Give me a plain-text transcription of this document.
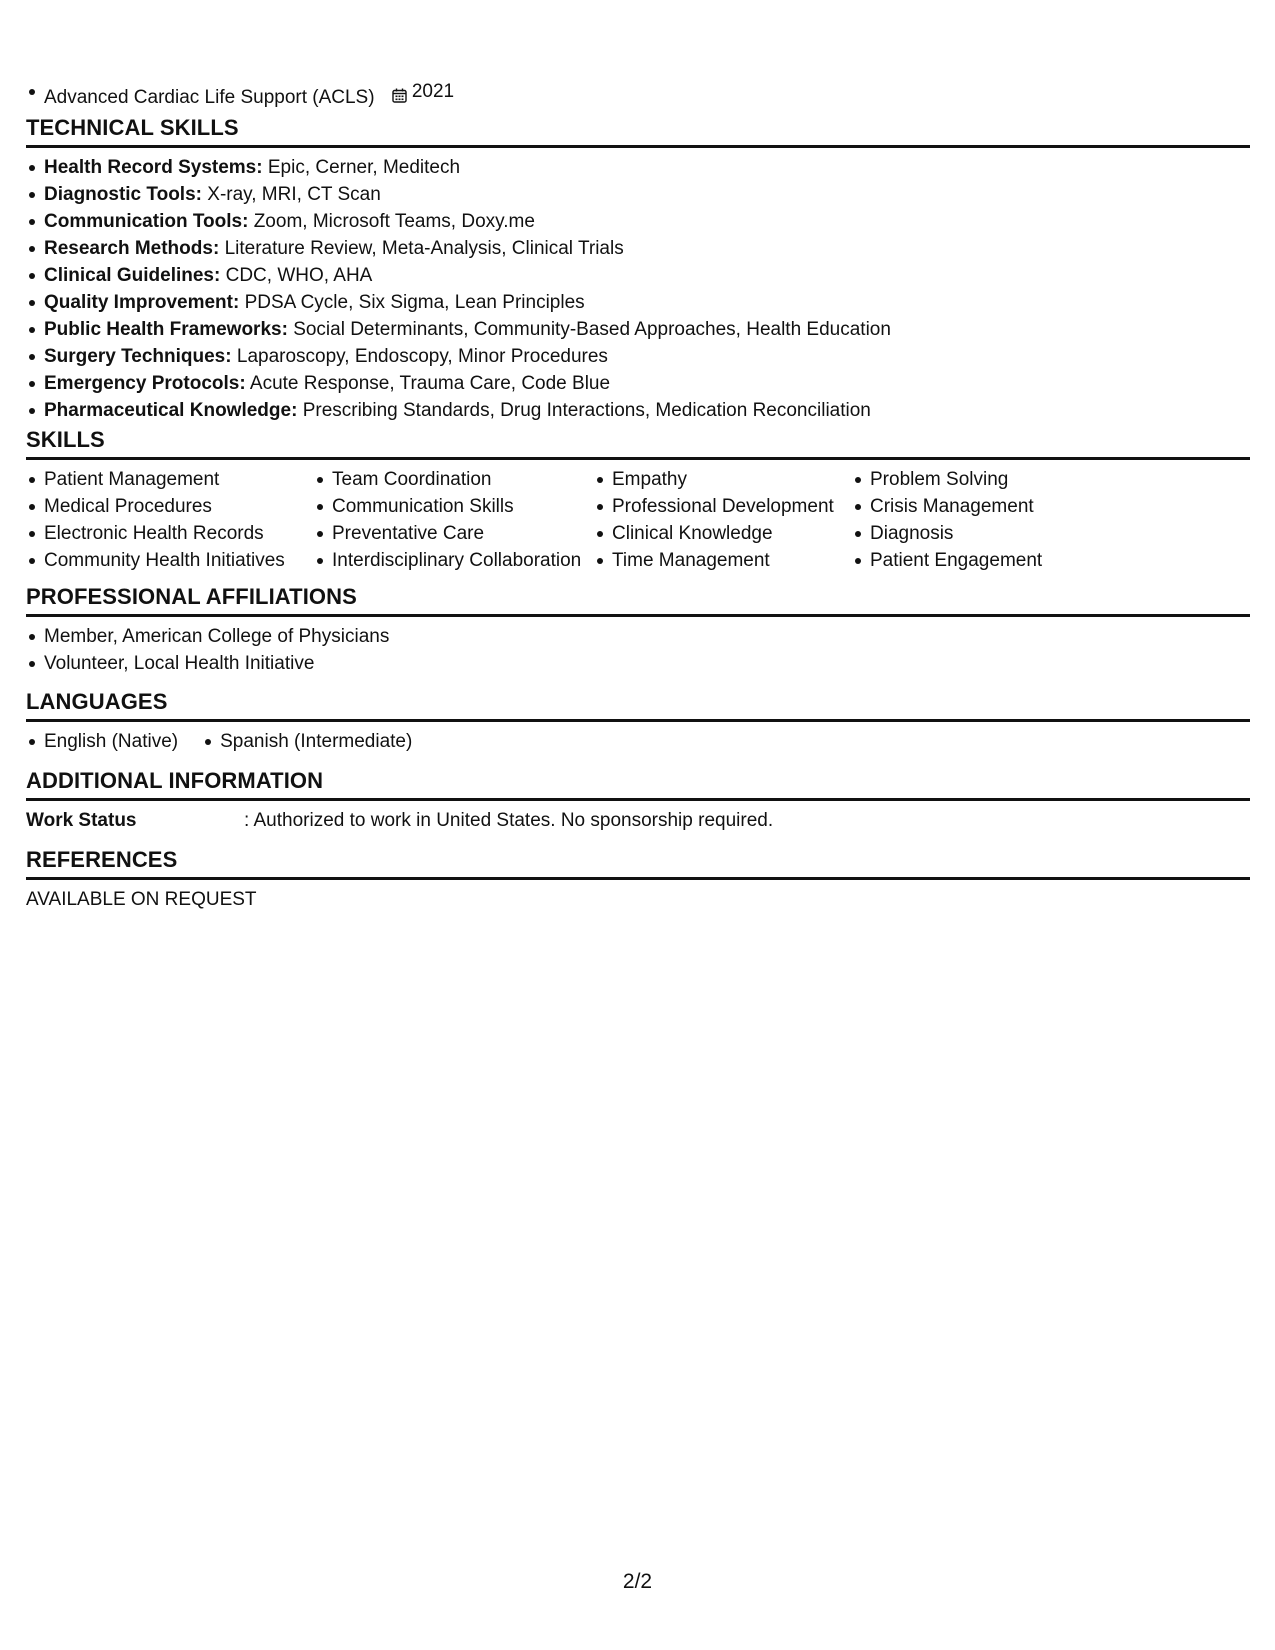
Advanced Cardiac Life Support (ACLS) 2021
TECHNICAL SKILLS
Health Record Systems: Epic, Cerner, Meditech
Diagnostic Tools: X-ray, MRI, CT Scan
Communication Tools: Zoom, Microsoft Teams, Doxy.me
Research Methods: Literature Review, Meta-Analysis, Clinical Trials
Clinical Guidelines: CDC, WHO, AHA
Quality Improvement: PDSA Cycle, Six Sigma, Lean Principles
Public Health Frameworks: Social Determinants, Community-Based Approaches, Health Education
Surgery Techniques: Laparoscopy, Endoscopy, Minor Procedures
Emergency Protocols: Acute Response, Trauma Care, Code Blue
Pharmaceutical Knowledge: Prescribing Standards, Drug Interactions, Medication Reconciliation
SKILLS
Patient Management
Medical Procedures
Electronic Health Records
Community Health Initiatives
Team Coordination
Communication Skills
Preventative Care
Interdisciplinary Collaboration
Empathy
Professional Development
Clinical Knowledge
Time Management
Problem Solving
Crisis Management
Diagnosis
Patient Engagement
PROFESSIONAL AFFILIATIONS
Member, American College of Physicians
Volunteer, Local Health Initiative
LANGUAGES
English (Native) Spanish (Intermediate)
ADDITIONAL INFORMATION
Work Status	: Authorized to work in United States. No sponsorship required.
REFERENCES
AVAILABLE ON REQUEST
2/2
